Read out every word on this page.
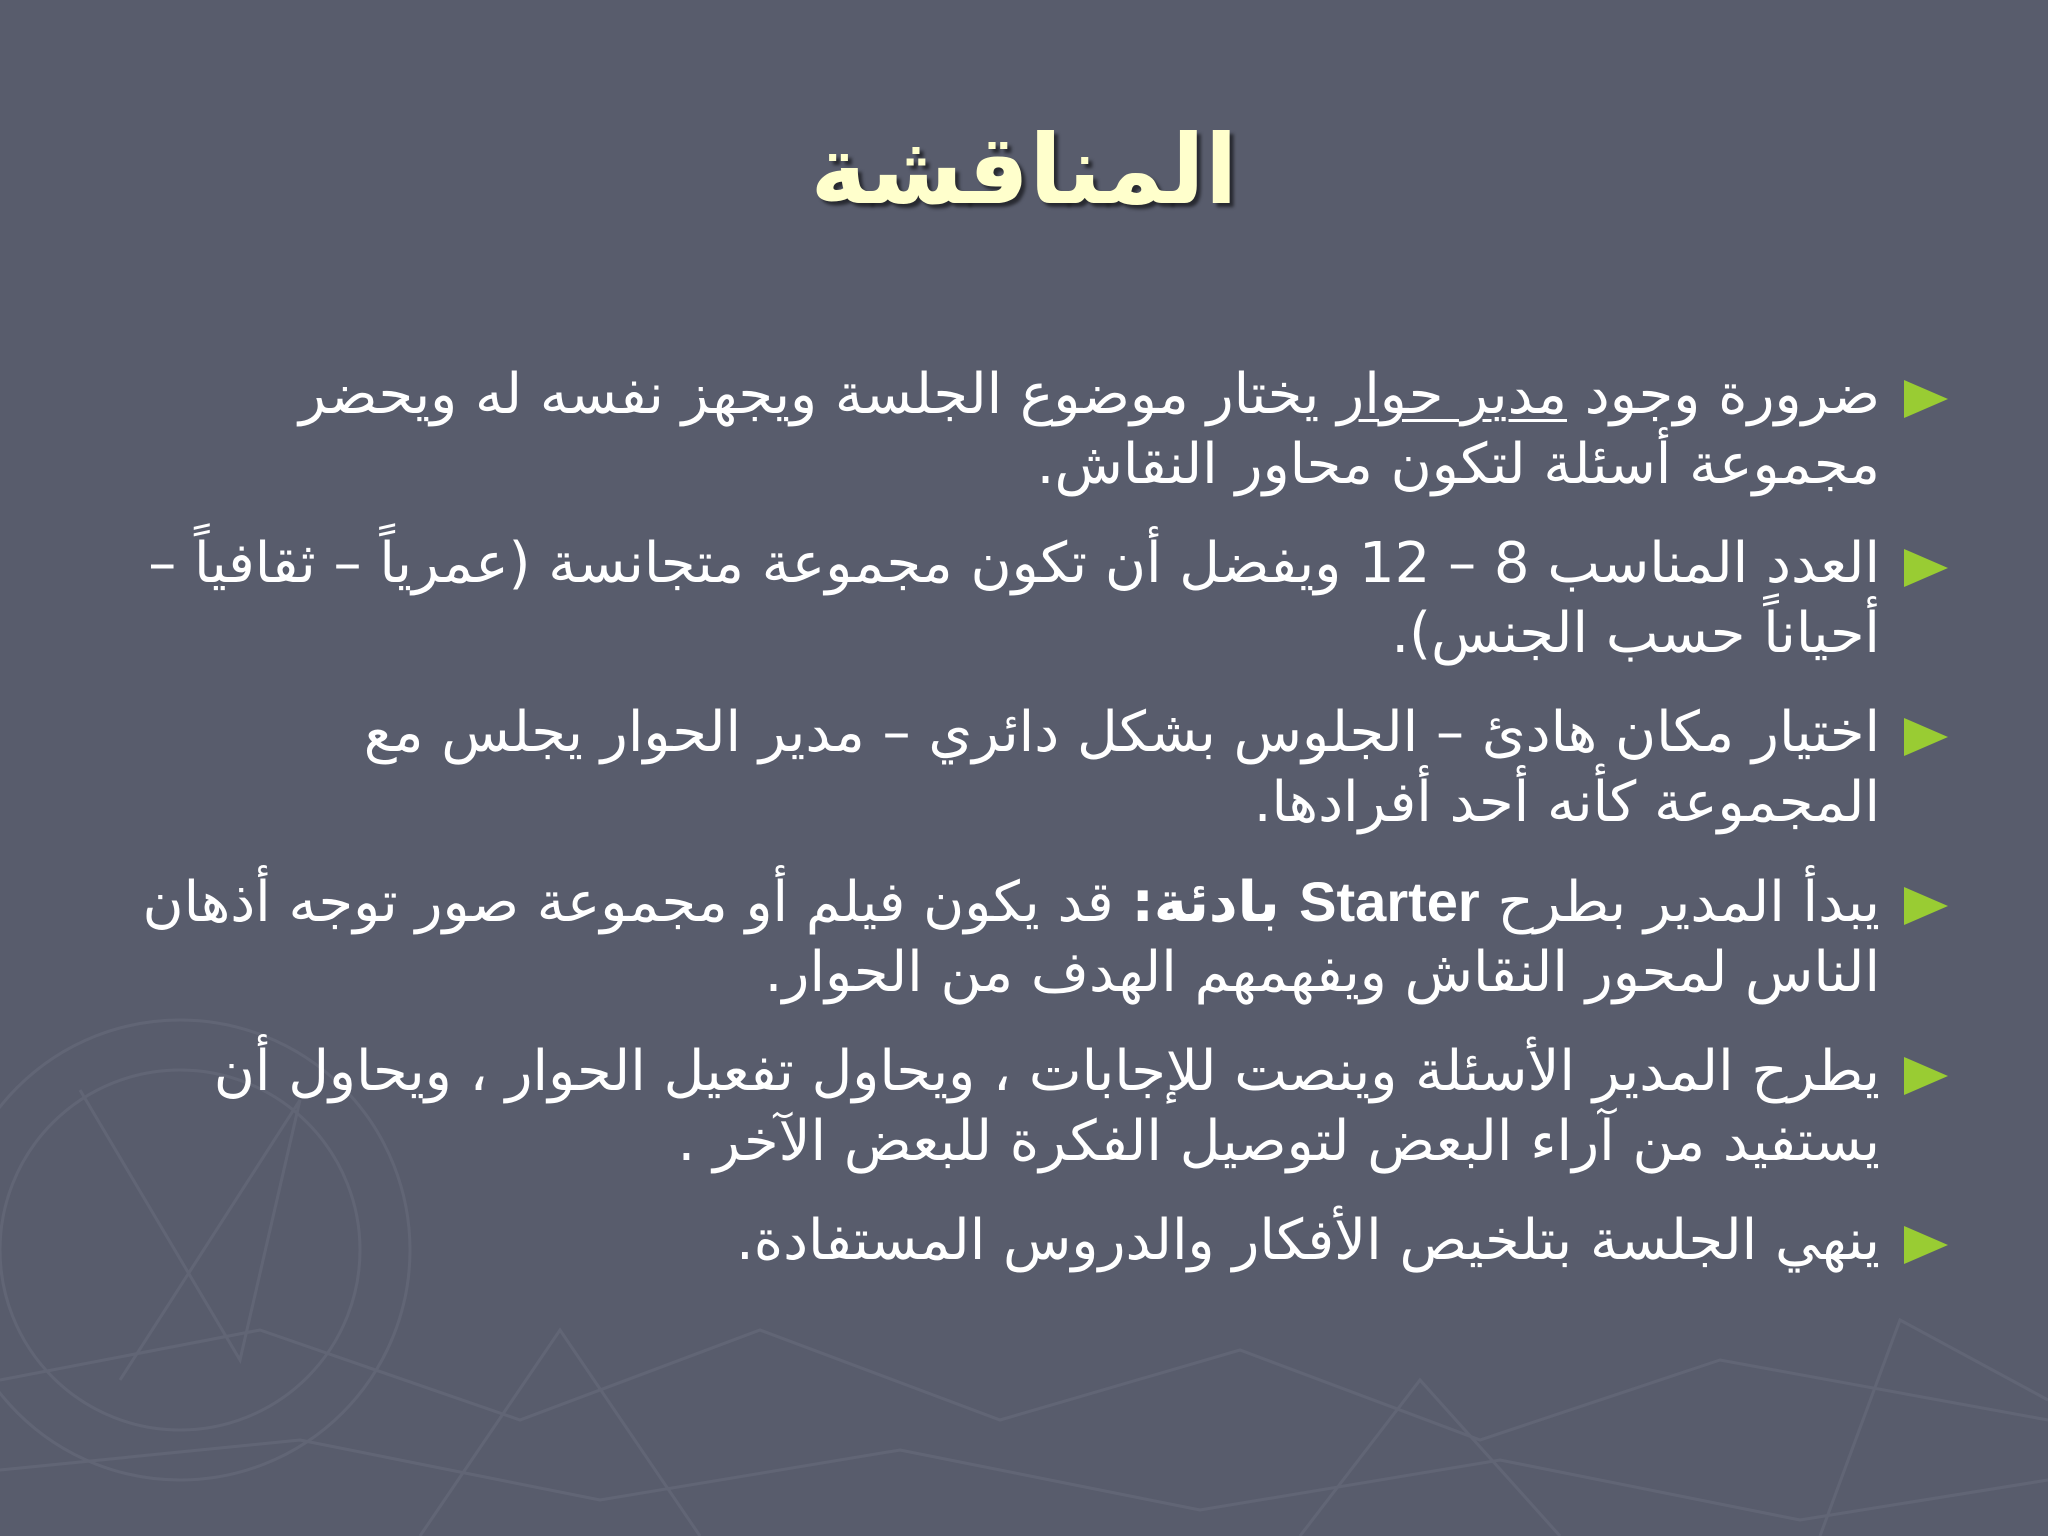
المناقشة
ضرورة وجود مدير حوار يختار موضوع الجلسة ويجهز نفسه له ويحضر مجموعة أسئلة لتكون محاور النقاش.
العدد المناسب 8 – 12 ويفضل أن تكون مجموعة متجانسة (عمرياً – ثقافياً – أحياناً حسب الجنس).
اختيار مكان هادئ – الجلوس بشكل دائري – مدير الحوار يجلس مع المجموعة كأنه أحد أفرادها.
يبدأ المدير بطرح Starter بادئة: قد يكون فيلم أو مجموعة صور توجه أذهان الناس لمحور النقاش ويفهمهم الهدف من الحوار.
يطرح المدير الأسئلة وينصت للإجابات ، ويحاول تفعيل الحوار ، ويحاول أن يستفيد من آراء البعض لتوصيل الفكرة للبعض الآخر .
ينهي الجلسة بتلخيص الأفكار والدروس المستفادة.
